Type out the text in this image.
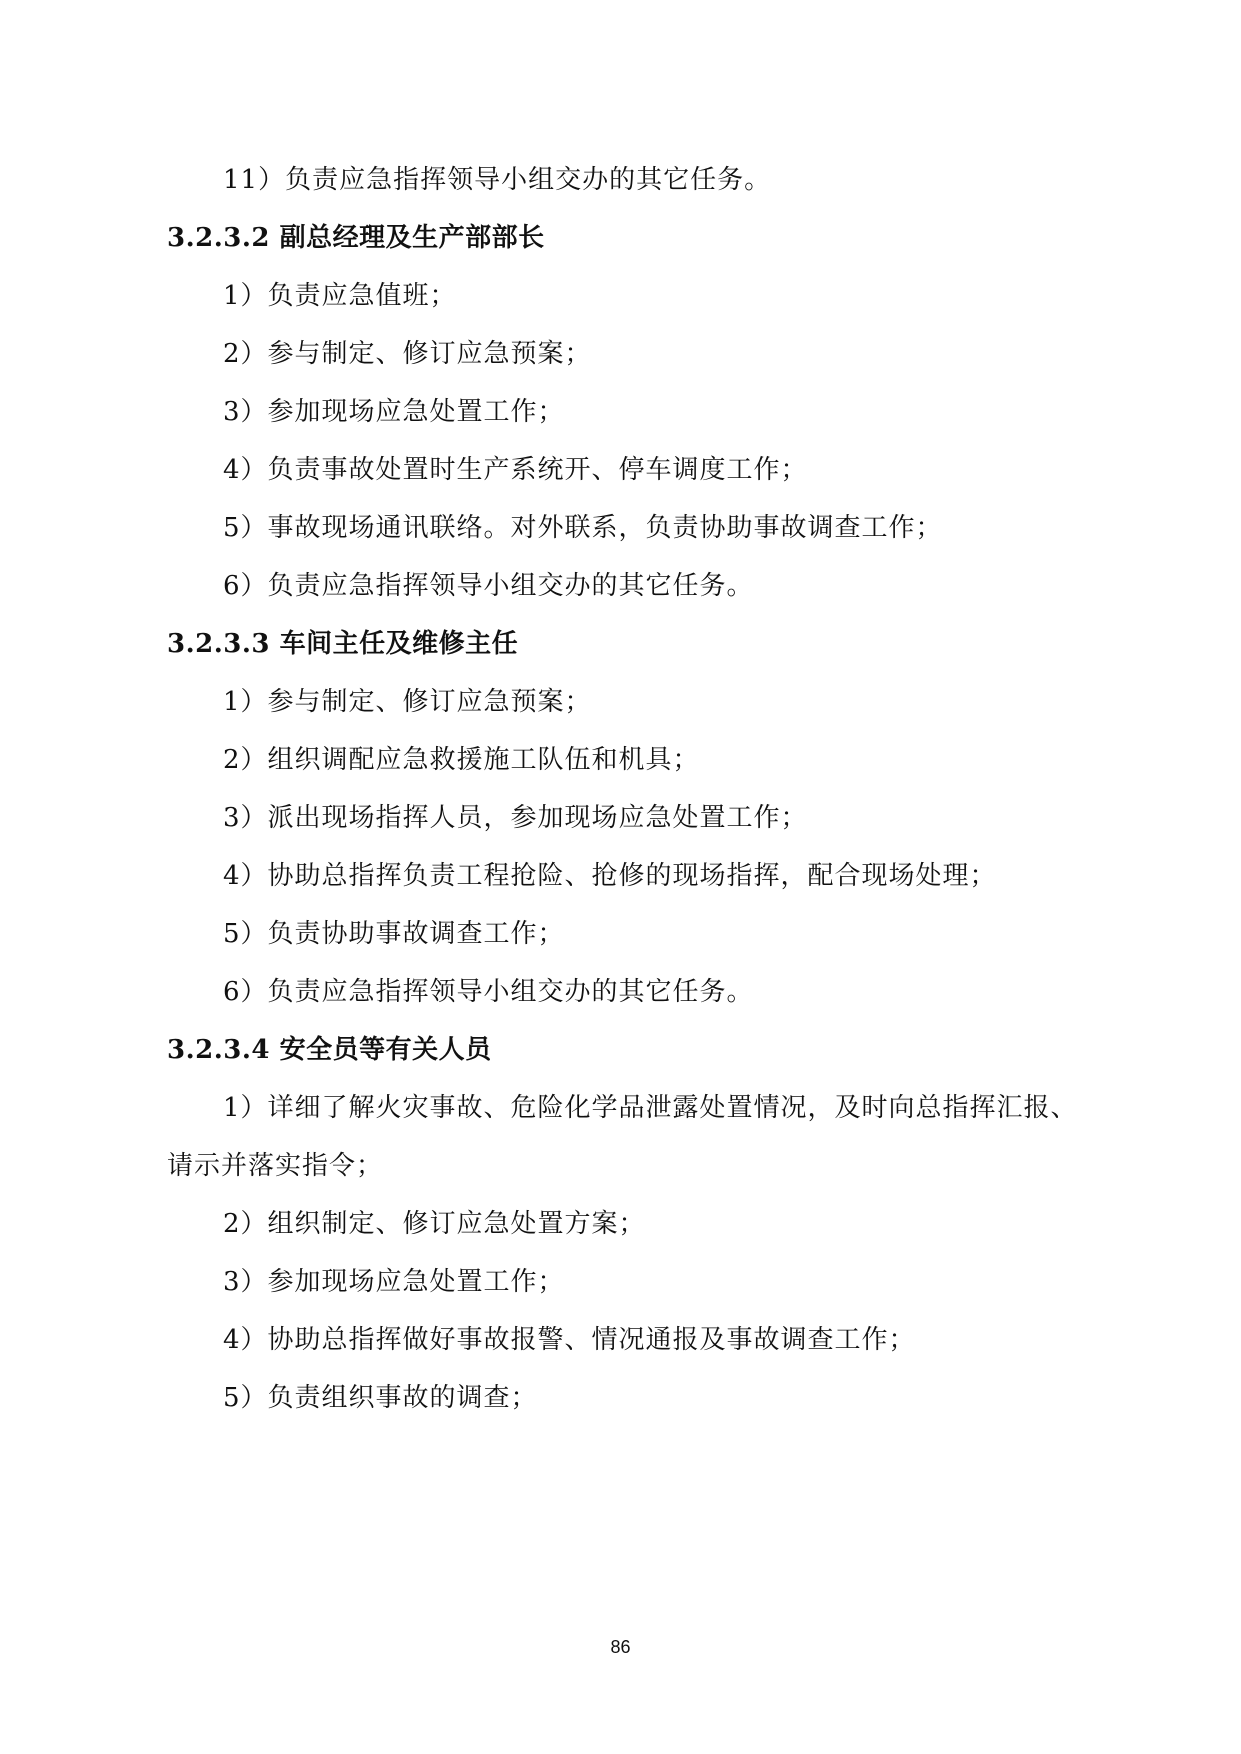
11）负责应急指挥领导小组交办的其它任务。
3.2.3.2 副总经理及生产部部长
1）负责应急值班；
2）参与制定、修订应急预案；
3）参加现场应急处置工作；
4）负责事故处置时生产系统开、停车调度工作；
5）事故现场通讯联络。对外联系，负责协助事故调查工作；
6）负责应急指挥领导小组交办的其它任务。
3.2.3.3 车间主任及维修主任
1）参与制定、修订应急预案；
2）组织调配应急救援施工队伍和机具；
3）派出现场指挥人员，参加现场应急处置工作；
4）协助总指挥负责工程抢险、抢修的现场指挥，配合现场处理；
5）负责协助事故调查工作；
6）负责应急指挥领导小组交办的其它任务。
3.2.3.4 安全员等有关人员
1）详细了解火灾事故、危险化学品泄露处置情况，及时向总指挥汇报、
请示并落实指令；
2）组织制定、修订应急处置方案；
3）参加现场应急处置工作；
4）协助总指挥做好事故报警、情况通报及事故调查工作；
5）负责组织事故的调查；
86
